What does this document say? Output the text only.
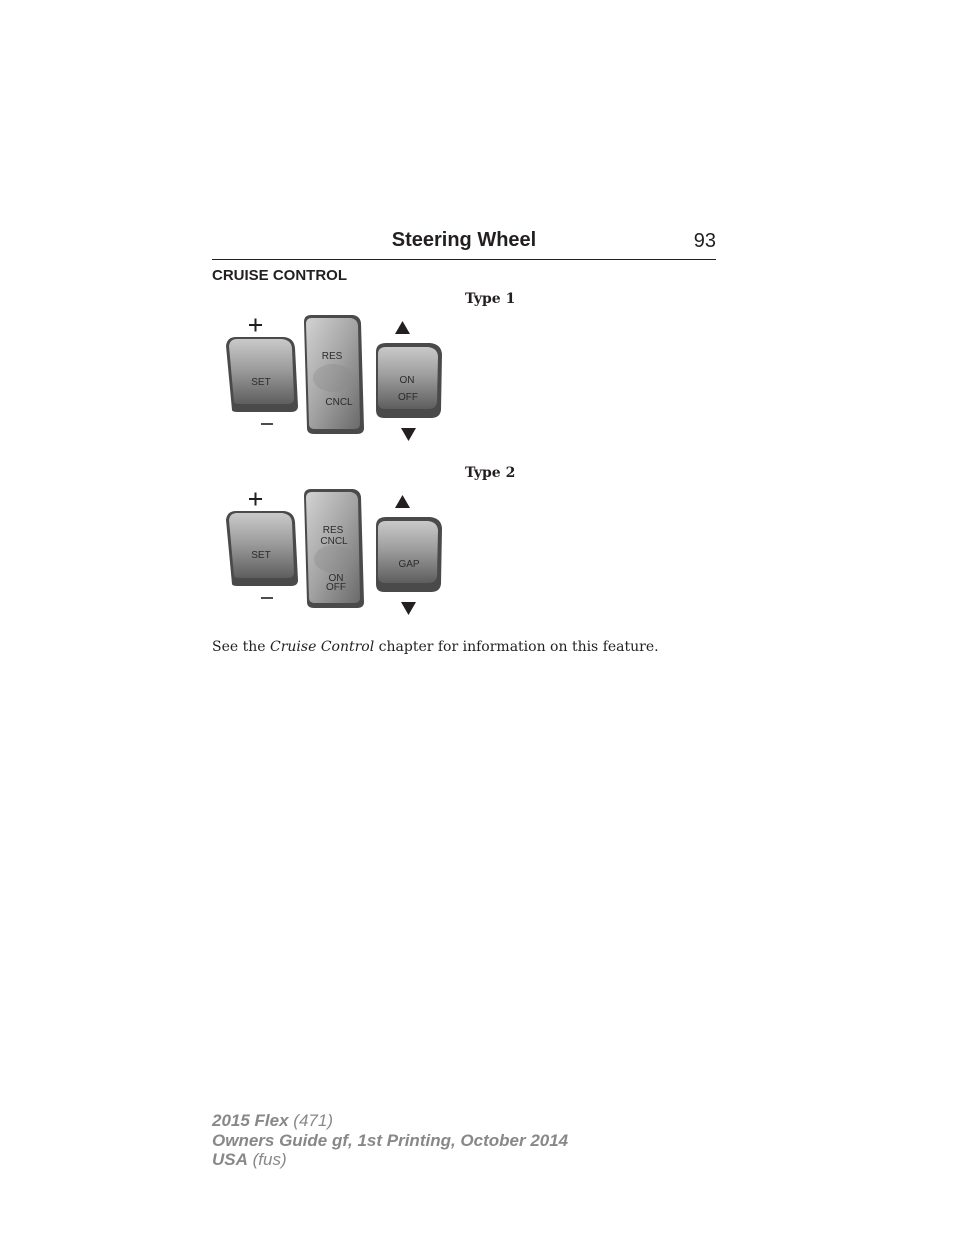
Steering Wheel	93
CRUISE CONTROL
Type 1
SET
RES
CNCL
ON
OFF
Type 2
SET
RES
CNCL
ON
OFF
GAP
See the Cruise Control chapter for information on this feature.
2015 Flex (471)
Owners Guide gf, 1st Printing, October 2014
USA (fus)
